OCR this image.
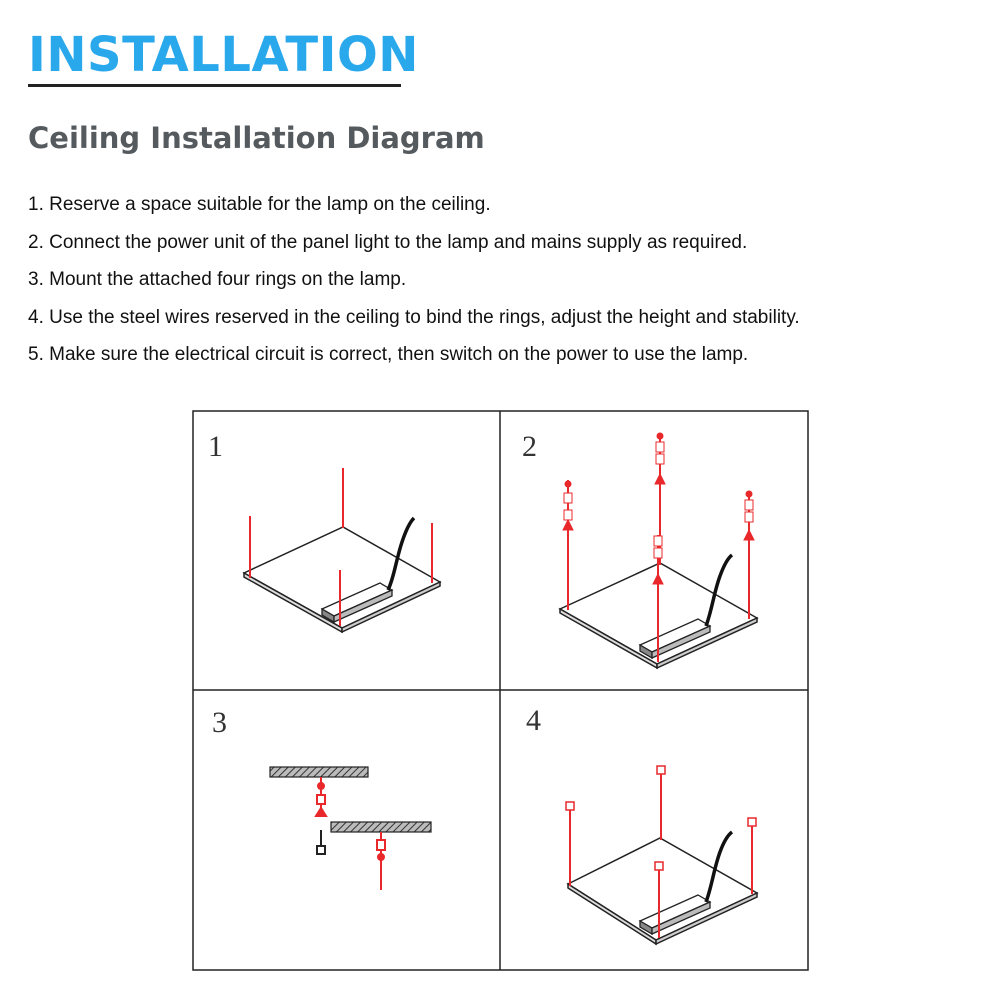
INSTALLATION
Ceiling Installation Diagram
1. Reserve a space suitable for the lamp on the ceiling.
2. Connect the power unit of the panel light to the lamp and mains supply as required.
3. Mount the attached four rings on the lamp.
4. Use the steel wires reserved in the ceiling to bind the rings, adjust the height and stability.
5. Make sure the electrical circuit is correct, then switch on the power to use the lamp.
1	2
3	4
